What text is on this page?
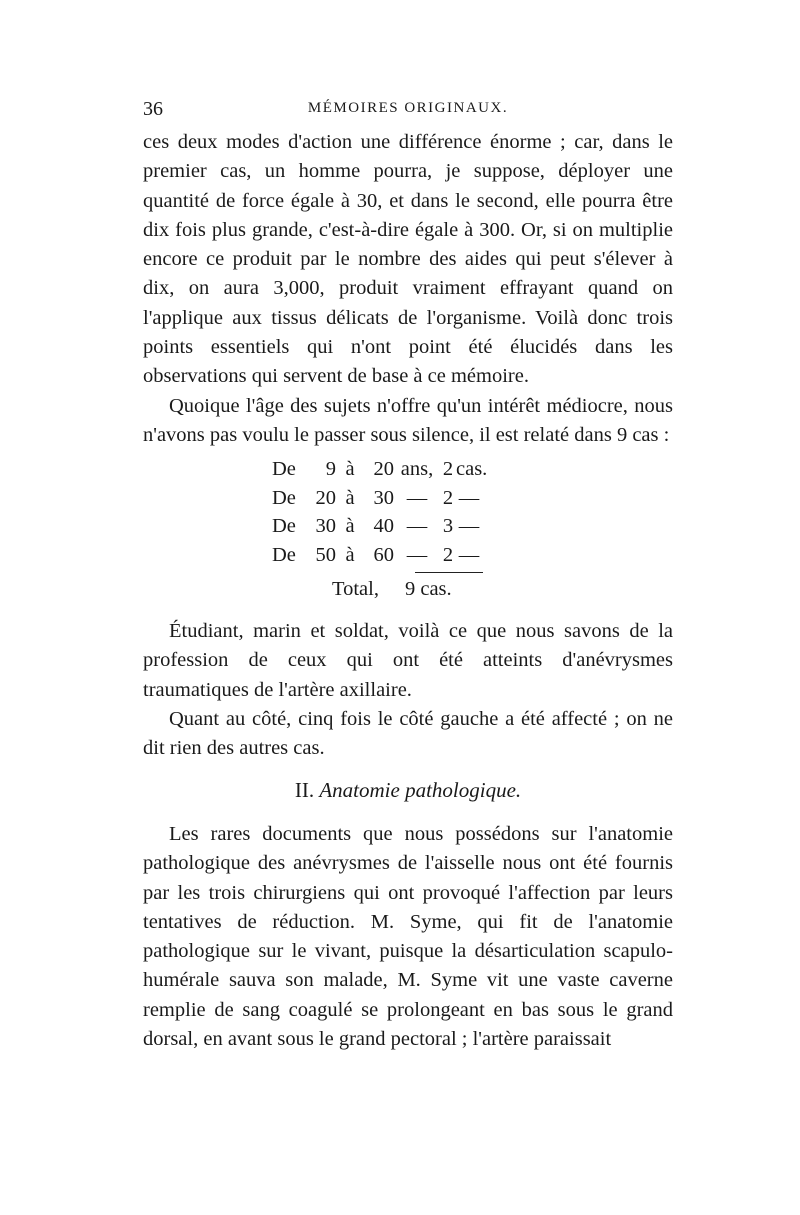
36	MÉMOIRES ORIGINAUX.

ces deux modes d'action une différence énorme ; car, dans le premier cas, un homme pourra, je suppose, déployer une quantité de force égale à 30, et dans le second, elle pourra être dix fois plus grande, c'est-à-dire égale à 300. Or, si on multiplie encore ce produit par le nombre des aides qui peut s'élever à dix, on aura 3,000, produit vraiment effrayant quand on l'applique aux tissus délicats de l'organisme. Voilà donc trois points essentiels qui n'ont point été élucidés dans les observations qui servent de base à ce mémoire.

Quoique l'âge des sujets n'offre qu'un intérêt médiocre, nous n'avons pas voulu le passer sous silence, il est relaté dans 9 cas :

De	9 à 20 ans, 2 cas.
De 20 à 30 — 2 —
De 30 à 40 — 3 —
De 50 à 60 — 2 —
Total, 9 cas.

Étudiant, marin et soldat, voilà ce que nous savons de la profession de ceux qui ont été atteints d'anévrysmes traumatiques de l'artère axillaire.

Quant au côté, cinq fois le côté gauche a été affecté ; on ne dit rien des autres cas.

II. Anatomie pathologique.

Les rares documents que nous possédons sur l'anatomie pathologique des anévrysmes de l'aisselle nous ont été fournis par les trois chirurgiens qui ont provoqué l'affection par leurs tentatives de réduction. M. Syme, qui fit de l'anatomie pathologique sur le vivant, puisque la désarticulation scapulo-humérale sauva son malade, M. Syme vit une vaste caverne remplie de sang coagulé se prolongeant en bas sous le grand dorsal, en avant sous le grand pectoral ; l'artère paraissait
